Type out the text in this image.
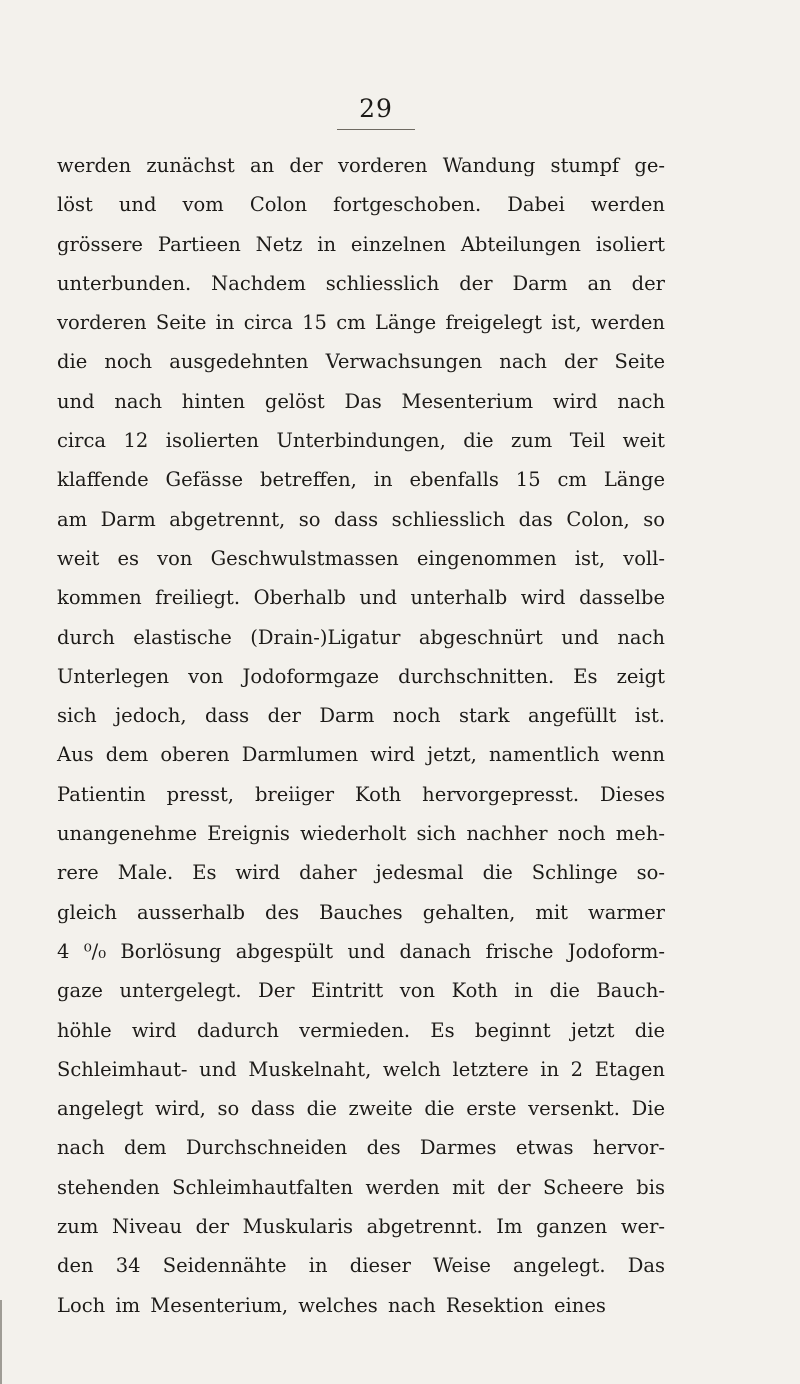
29
werden zunächst an der vorderen Wandung stumpf ge-
löst und vom Colon fortgeschoben. Dabei werden
grössere Partieen Netz in einzelnen Abteilungen isoliert
unterbunden. Nachdem schliesslich der Darm an der
vorderen Seite in circa 15 cm Länge freigelegt ist, werden
die noch ausgedehnten Verwachsungen nach der Seite
und nach hinten gelöst Das Mesenterium wird nach
circa 12 isolierten Unterbindungen, die zum Teil weit
klaffende Gefässe betreffen, in ebenfalls 15 cm Länge
am Darm abgetrennt, so dass schliesslich das Colon, so
weit es von Geschwulstmassen eingenommen ist, voll-
kommen freiliegt. Oberhalb und unterhalb wird dasselbe
durch elastische (Drain-)Ligatur abgeschnürt und nach
Unterlegen von Jodoformgaze durchschnitten. Es zeigt
sich jedoch, dass der Darm noch stark angefüllt ist.
Aus dem oberen Darmlumen wird jetzt, namentlich wenn
Patientin presst, breiiger Koth hervorgepresst. Dieses
unangenehme Ereignis wiederholt sich nachher noch meh-
rere Male. Es wird daher jedesmal die Schlinge so-
gleich ausserhalb des Bauches gehalten, mit warmer
4 ⁰/₀ Borlösung abgespült und danach frische Jodoform-
gaze untergelegt. Der Eintritt von Koth in die Bauch-
höhle wird dadurch vermieden. Es beginnt jetzt die
Schleimhaut- und Muskelnaht, welch letztere in 2 Etagen
angelegt wird, so dass die zweite die erste versenkt. Die
nach dem Durchschneiden des Darmes etwas hervor-
stehenden Schleimhautfalten werden mit der Scheere bis
zum Niveau der Muskularis abgetrennt. Im ganzen wer-
den 34 Seidennähte in dieser Weise angelegt. Das
Loch im Mesenterium, welches nach Resektion eines
